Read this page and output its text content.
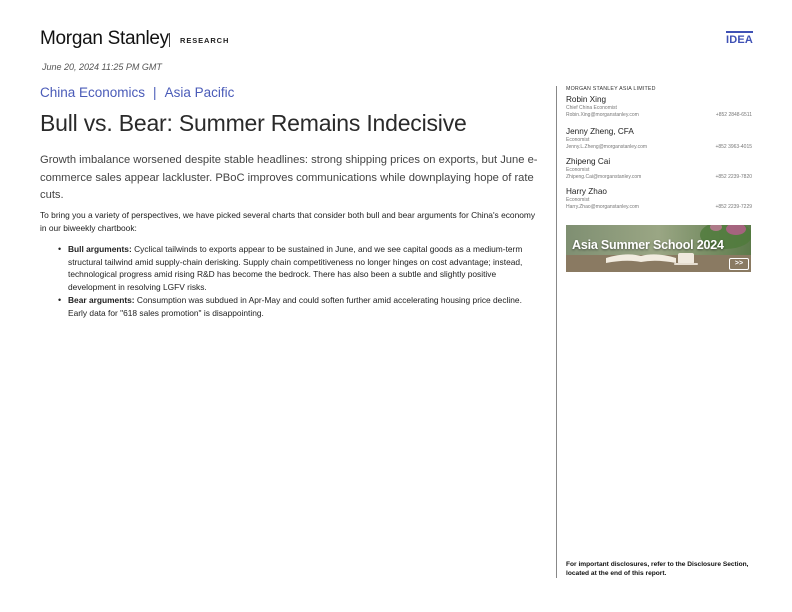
Morgan Stanley RESEARCH	IDEA
June 20, 2024 11:25 PM GMT
China Economics | Asia Pacific
Bull vs. Bear: Summer Remains Indecisive
Growth imbalance worsened despite stable headlines: strong shipping prices on exports, but June e-commerce sales appear lackluster. PBoC improves communications while downplaying hope of rate cuts.
To bring you a variety of perspectives, we have picked several charts that consider both bull and bear arguments for China's economy in our biweekly chartbook:
• Bull arguments: Cyclical tailwinds to exports appear to be sustained in June, and we see capital goods as a medium-term structural tailwind amid supply-chain derisking. Supply chain competitiveness no longer hinges on cost advantage; instead, technological progress amid rising R&D has become the bedrock. There has also been a subtle and slightly positive development in resolving LGFV risks.
• Bear arguments: Consumption was subdued in Apr-May and could soften further amid accelerating housing price decline. Early data for "618 sales promotion" is disappointing.
MORGAN STANLEY ASIA LIMITED
Robin Xing
Chief China Economist
Robin.Xing@morganstanley.com	+852 2848-6511
Jenny Zheng, CFA
Economist
Jenny.L.Zheng@morganstanley.com	+852 3963-4015
Zhipeng Cai
Economist
Zhipeng.Cai@morganstanley.com	+852 2239-7820
Harry Zhao
Economist
Harry.Zhao@morganstanley.com	+852 2239-7229
Asia Summer School 2024
>>
For important disclosures, refer to the Disclosure Section, located at the end of this report.
